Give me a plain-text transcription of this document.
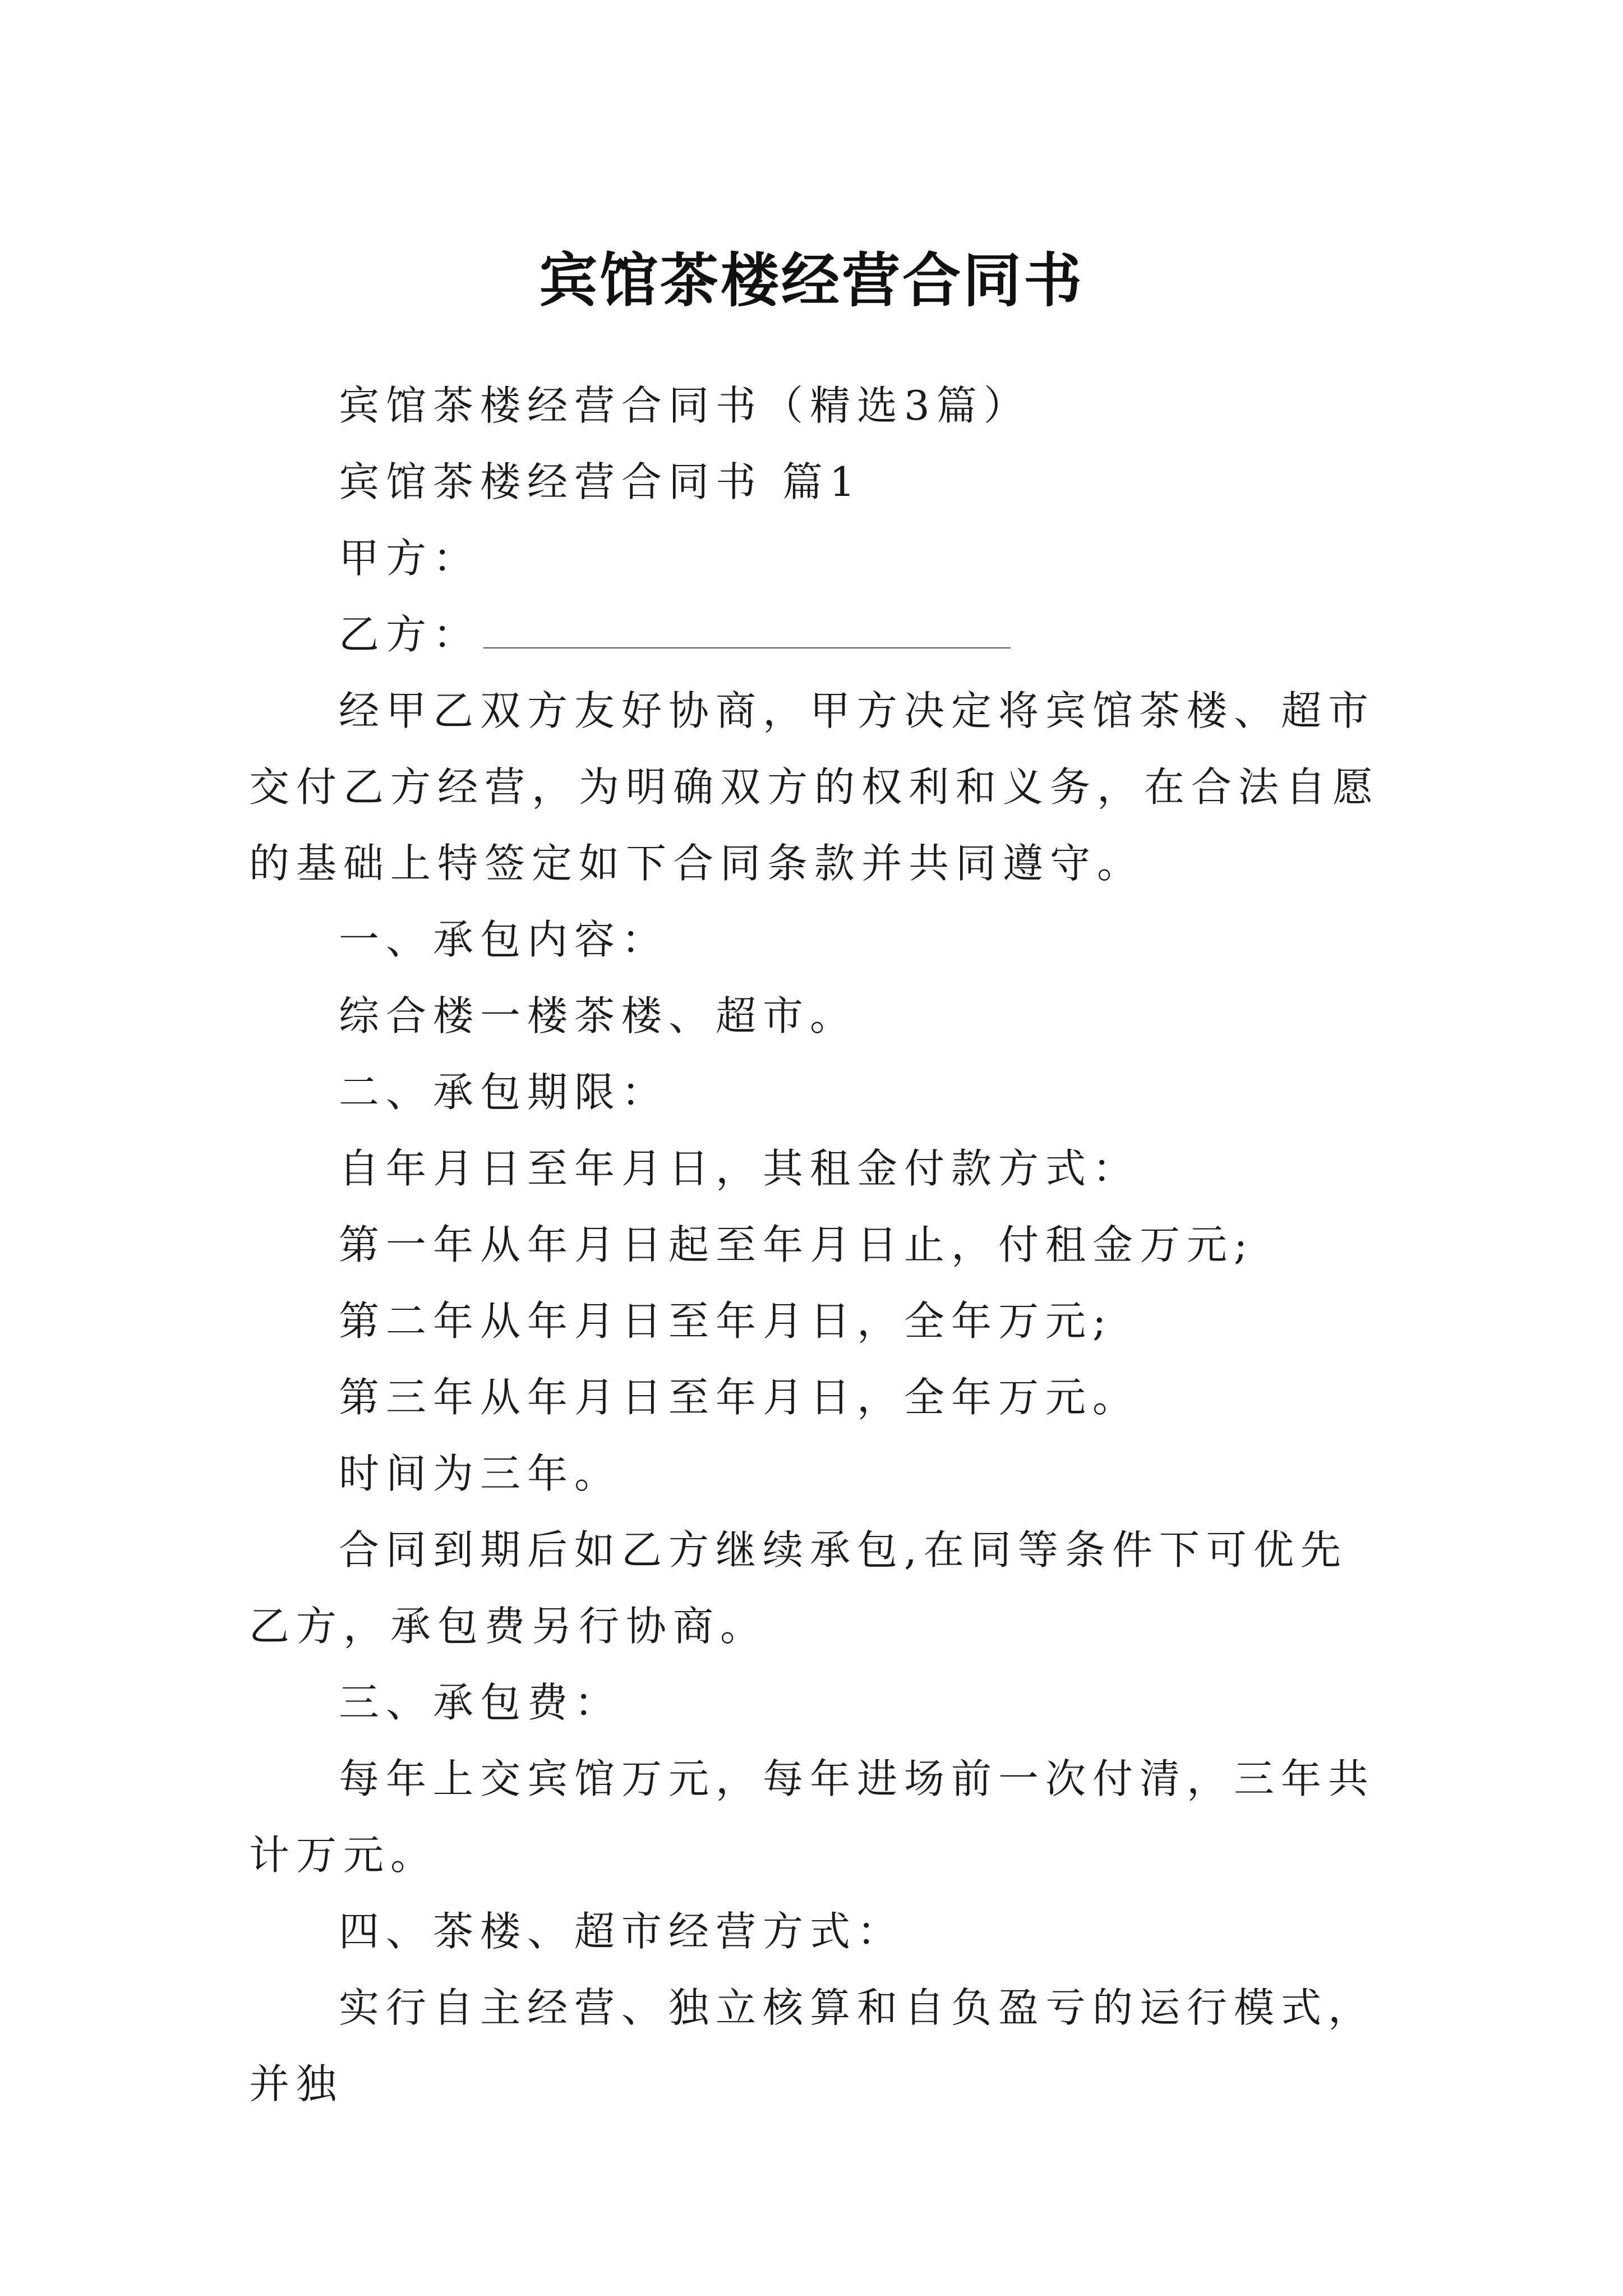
宾馆茶楼经营合同书

宾馆茶楼经营合同书（精选3篇）

宾馆茶楼经营合同书 篇1

甲方：

乙方：

经甲乙双方友好协商，甲方决定将宾馆茶楼、超市交付乙方经营，为明确双方的权利和义务，在合法自愿的基础上特签定如下合同条款并共同遵守。

一、承包内容：

综合楼一楼茶楼、超市。

二、承包期限：

自年月日至年月日，其租金付款方式：

第一年从年月日起至年月日止，付租金万元;

第二年从年月日至年月日，全年万元;

第三年从年月日至年月日，全年万元。

时间为三年。

合同到期后如乙方继续承包,在同等条件下可优先乙方，承包费另行协商。

三、承包费：

每年上交宾馆万元，每年进场前一次付清，三年共计万元。

四、茶楼、超市经营方式：

实行自主经营、独立核算和自负盈亏的运行模式，并独
